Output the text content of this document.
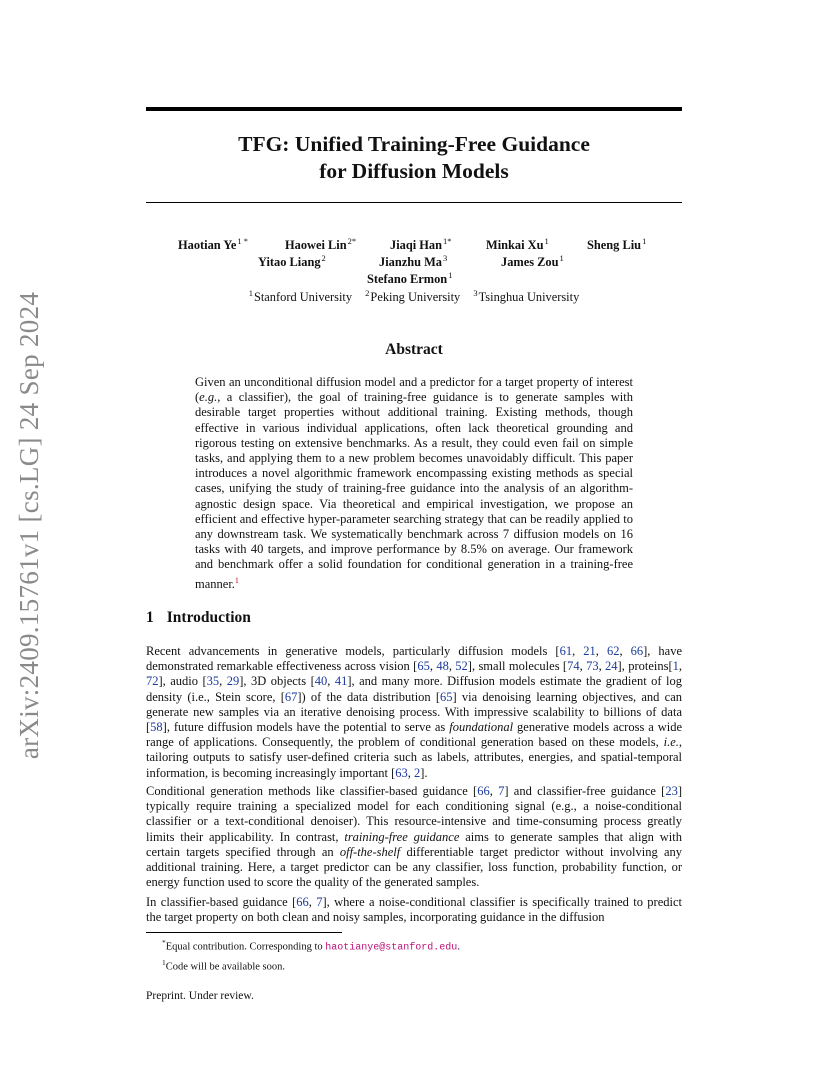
arXiv:2409.15761v1 [cs.LG] 24 Sep 2024
TFG: Unified Training-Free Guidance
for Diffusion Models
Haotian $Ye^{1 *}$	Haowei Lin$^{2*}$	Jiaqi Han$^{1*}$	Minkai Xu$^1$	Sheng Liu$^1$
Yitao Liang$^2$	Jianzhu Ma$^3$	James Zou$^1$
Stefano Ermon$^1$
$^1$Stanford University $^2$Peking University $^3$Tsinghua University
Abstract

Given an unconditional diffusion model and a predictor for a target property of interest (e.g., a classifier), the goal of training-free guidance is to generate samples with desirable target properties without additional training. Existing methods, though effective in various individual applications, often lack theoretical grounding and rigorous testing on extensive benchmarks. As a result, they could even fail on simple tasks, and applying them to a new problem becomes unavoidably difficult. This paper introduces a novel algorithmic framework encompassing existing methods as special cases, unifying the study of training-free guidance into the analysis of an algorithm-agnostic design space. Via theoretical and empirical investigation, we propose an efficient and effective hyper-parameter searching strategy that can be readily applied to any downstream task. We systematically benchmark across 7 diffusion models on 16 tasks with 40 targets, and improve performance by 8.5% on average. Our framework and benchmark offer a solid foundation for conditional generation in a training-free manner.$^1$

1 Introduction

Recent advancements in generative models, particularly diffusion models [61, 21, 62, 66], have demonstrated remarkable effectiveness across vision [65, 48, 52], small molecules [74, 73, 24], proteins[1, 72], audio [35, 29], 3D objects [40, 41], and many more. Diffusion models estimate the gradient of log density (i.e., Stein score, [67]) of the data distribution [65] via denoising learning objectives, and can generate new samples via an iterative denoising process. With impressive scalability to billions of data [58], future diffusion models have the potential to serve as foundational generative models across a wide range of applications. Consequently, the problem of conditional generation based on these models, i.e., tailoring outputs to satisfy user-defined criteria such as labels, attributes, energies, and spatial-temporal information, is becoming increasingly important [63, 2].

Conditional generation methods like classifier-based guidance [66, 7] and classifier-free guidance [23] typically require training a specialized model for each conditioning signal (e.g., a noise-conditional classifier or a text-conditional denoiser). This resource-intensive and time-consuming process greatly limits their applicability. In contrast, training-free guidance aims to generate samples that align with certain targets specified through an off-the-shelf differentiable target predictor without involving any additional training. Here, a target predictor can be any classifier, loss function, probability function, or energy function used to score the quality of the generated samples.

In classifier-based guidance [66, 7], where a noise-conditional classifier is specifically trained to predict the target property on both clean and noisy samples, incorporating guidance in the diffusion

*Equal contribution. Corresponding to haotianye@stanford.edu.
$^1$Code will be available soon.
Preprint. Under review.
